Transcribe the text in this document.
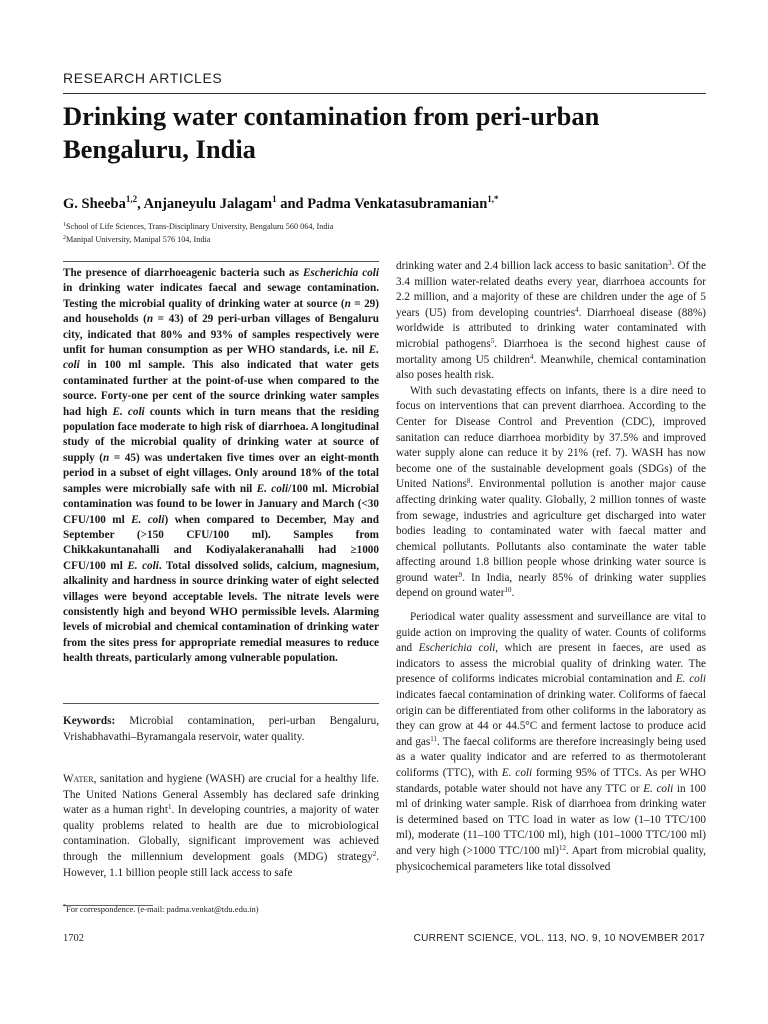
RESEARCH ARTICLES
Drinking water contamination from peri-urban Bengaluru, India
G. Sheeba$^{1,2}$, Anjaneyulu Jalagam$^1$ and Padma Venkatasubramanian$^{1,*}$
$^1$School of Life Sciences, Trans-Disciplinary University, Bengaluru 560 064, India
$^2$Manipal University, Manipal 576 104, India

The presence of diarrhoeagenic bacteria such as Escherichia coli in drinking water indicates faecal and sewage contamination. Testing the microbial quality of drinking water at source (n = 29) and households (n = 43) of 29 peri-urban villages of Bengaluru city, indicated that 80% and 93% of samples respectively were unfit for human consumption as per WHO standards, i.e. nil E. coli in 100 ml sample. This also indicated that water gets contaminated further at the point-of-use when compared to the source. Forty-one per cent of the source drinking water samples had high E. coli counts which in turn means that the residing population face moderate to high risk of diarrhoea. A longitudinal study of the microbial quality of drinking water at source of supply (n = 45) was undertaken five times over an eight-month period in a subset of eight villages. Only around 18% of the total samples were microbially safe with nil E. coli/100 ml. Microbial contamination was found to be lower in January and March (<30 CFU/100 ml E. coli) when compared to December, May and September (>150 CFU/100 ml). Samples from Chikkakuntanahalli and Kodiyalakeranahalli had ≥1000 CFU/100 ml E. coli. Total dissolved solids, calcium, magnesium, alkalinity and hardness in source drinking water of eight selected villages were beyond acceptable levels. The nitrate levels were consistently high and beyond WHO permissible levels. Alarming levels of microbial and chemical contamination of drinking water from the sites press for appropriate remedial measures to reduce health threats, particularly among vulnerable population.

Keywords: Microbial contamination, peri-urban Bengaluru, Vrishabhavathi–Byramangala reservoir, water quality.

Water, sanitation and hygiene (WASH) are crucial for a healthy life. The United Nations General Assembly has declared safe drinking water as a human right$^1$. In developing countries, a majority of water quality problems related to health are due to microbiological contamination. Globally, significant improvement was achieved through the millennium development goals (MDG) strategy$^2$. However, 1.1 billion people still lack access to safe

*For correspondence. (e-mail: padma.venkat@tdu.edu.in)

drinking water and 2.4 billion lack access to basic sanitation$^3$. Of the 3.4 million water-related deaths every year, diarrhoea accounts for 2.2 million, and a majority of these are children under the age of 5 years (U5) from developing countries$^4$. Diarrhoeal disease (88%) worldwide is attributed to drinking water contaminated with microbial pathogens$^5$. Diarrhoea is the second highest cause of mortality among U5 children$^4$. Meanwhile, chemical contamination also poses health risk.

With such devastating effects on infants, there is a dire need to focus on interventions that can prevent diarrhoea. According to the Center for Disease Control and Prevention (CDC), improved sanitation can reduce diarrhoea morbidity by 37.5% and improved water supply alone can reduce it by 21% (ref. 7). WASH has now become one of the sustainable development goals (SDGs) of the United Nations$^8$. Environmental pollution is another major cause affecting drinking water quality. Globally, 2 million tonnes of waste from sewage, industries and agriculture get discharged into water bodies leading to contaminated water with faecal matter and chemical pollutants. Pollutants also contaminate the water table affecting around 1.8 billion people whose drinking water source is ground water$^9$. In India, nearly 85% of drinking water supplies depend on ground water$^{10}$.

Periodical water quality assessment and surveillance are vital to guide action on improving the quality of water. Counts of coliforms and Escherichia coli, which are present in faeces, are used as indicators to assess the microbial quality of drinking water. The presence of coliforms indicates microbial contamination and E. coli indicates faecal contamination of drinking water. Coliforms of faecal origin can be differentiated from other coliforms in the laboratory as they can grow at 44 or 44.5°C and ferment lactose to produce acid and gas$^{11}$. The faecal coliforms are therefore increasingly being used as a water quality indicator and are referred to as thermotolerant coliforms (TTC), with E. coli forming 95% of TTCs. As per WHO standards, potable water should not have any TTC or E. coli in 100 ml of drinking water sample. Risk of diarrhoea from drinking water is determined based on TTC load in water as low (1–10 TTC/100 ml), moderate (11–100 TTC/100 ml), high (101–1000 TTC/100 ml) and very high (>1000 TTC/100 ml)$^{12}$. Apart from microbial quality, physicochemical parameters like total dissolved

1702	CURRENT SCIENCE, VOL. 113, NO. 9, 10 NOVEMBER 2017
